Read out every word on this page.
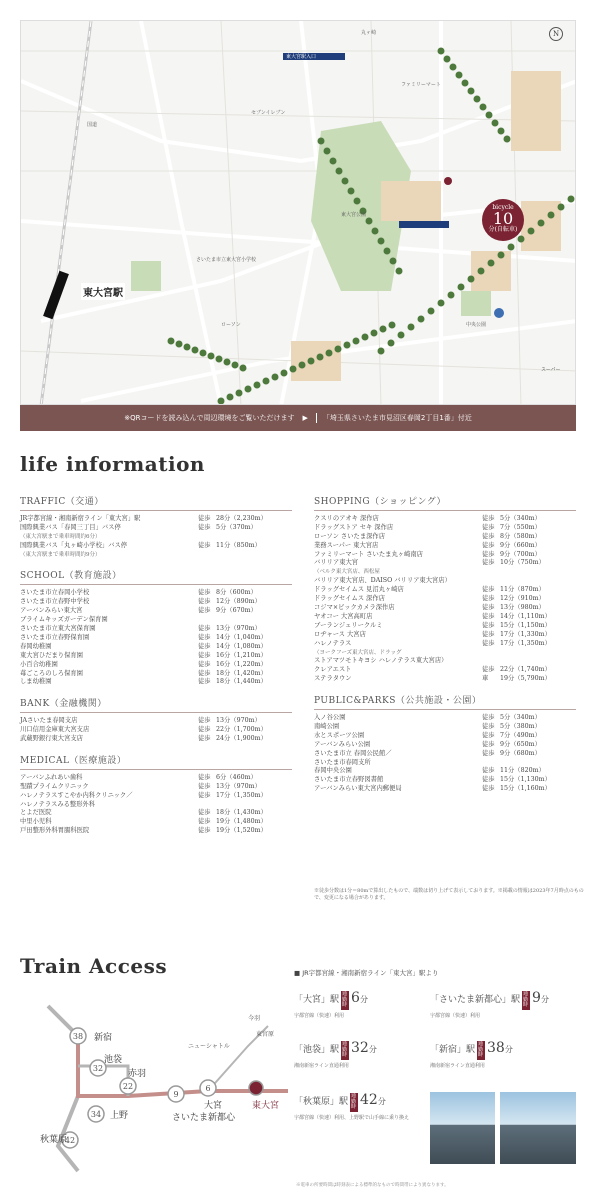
セブンイレブン
ファミリーマート
東大宮公園
中央公園
さいたま市立東大宮小学校
東大宮駅入口
丸ヶ崎
国道
ローソン
スーパー
東大宮駅
bicycle
10
分(自転車)
N
※QRコードを読み込んで周辺環境をご覧いただけます ▶	「埼玉県さいたま市見沼区春岡2丁目1番」付近
life information
TRAFFIC（交通）
JR宇都宮線・湘南新宿ライン「東大宮」駅	徒歩 28分（2,230m）
国際興業バス「春岡三丁目」バス停	徒歩 5分（370m）
（東大宮駅まで乗車時間約6分）
国際興業バス「丸ヶ崎小学校」バス停	徒歩 11分（850m）
（東大宮駅まで乗車時間約9分）
SCHOOL（教育施設）
さいたま市立春岡小学校	徒歩 8分（600m）
さいたま市立春野中学校	徒歩 12分（890m）
アーバンみらい東大宮	徒歩 9分（670m）
ブライムキッズガーデン保育園
さいたま市立東大宮保育園	徒歩 13分（970m）
さいたま市立春野保育園	徒歩 14分（1,040m）
春岡幼稚園	徒歩 14分（1,080m）
東大宮ひだまり保育園	徒歩 16分（1,210m）
小百合幼稚園	徒歩 16分（1,220m）
苺ごころのしろ保育園	徒歩 18分（1,420m）
しま幼稚園	徒歩 18分（1,440m）
BANK（金融機関）
JAさいたま春岡支店	徒歩 13分（970m）
川口信用金庫東大宮支店	徒歩 22分（1,700m）
武蔵野銀行東大宮支店	徒歩 24分（1,900m）
MEDICAL（医療施設）
アーバンふれあい歯科	徒歩 6分（460m）
聖蹟プライムクリニック	徒歩 13分（970m）
ハレノテラスすこやか内科クリニック／	徒歩 17分（1,350m）
ハレノテラスみる整形外科
とよだ医院	徒歩 18分（1,430m）
中里小児科	徒歩 19分（1,480m）
戸田整形外科胃腸科医院	徒歩 19分（1,520m）
SHOPPING（ショッピング）
クスリのアオキ 深作店	徒歩 5分（340m）
ドラッグストア セキ 深作店	徒歩 7分（550m）
ローソン さいたま深作店	徒歩 8分（580m）
業務スーパー 東大宮店	徒歩 9分（660m）
ファミリーマート さいたま丸ヶ崎南店	徒歩 9分（700m）
バリリア東大宮	徒歩 10分（750m）
（ベルク東大宮店、西松屋
バリリア東大宮店、DAISO バリリア東大宮店）
ドラッグセイムス 見沼丸ヶ崎店	徒歩 11分（870m）
ドラッグセイムス 深作店	徒歩 12分（910m）
コジマ×ビックカメラ深作店	徒歩 13分（980m）
ヤオコー 大宮高町店	徒歩 14分（1,110m）
ブーランジェリークルミ	徒歩 15分（1,150m）
ロヂャース 大宮店	徒歩 17分（1,330m）
ハレノテラス	徒歩 17分（1,350m）
（ヨークフーズ東大宮店、ドラッグ
ストアマツモトキヨシ ハレノテラス東大宮店）
クレアエスト	徒歩 22分（1,740m）
ステラタウン	車	19分（5,790m）
PUBLIC&PARKS（公共施設・公園）
入ノ谷公園	徒歩 5分（340m）
南崎公園	徒歩 5分（380m）
水とスポーツ公園	徒歩 7分（490m）
アーバンみらい公園	徒歩 9分（650m）
さいたま市立 春岡公民館／	徒歩 9分（680m）
さいたま市春岡支所
春岡中央公園	徒歩 11分（820m）
さいたま市立春野図書館	徒歩 15分（1,130m）
アーバンみらい東大宮内郵便局	徒歩 15分（1,160m）
※徒歩分数は1分＝80mで算出したもので、端数は切り上げて表示しております。※掲載の情報は2023年7月時点のもので、変更になる場合があります。
Train Access
38 新宿
32
池袋
22
赤羽
34 上野
42
秋葉原
9
さいたま新都心
6
大宮	東大宮
今羽
東宮原
ニューシャトル
■ JR宇都宮線・湘南新宿ライン「東大宮」駅より
「大宮」駅通勤時 6分
宇都宮線（快速）利用
「さいたま新都心」駅通勤時 9分
宇都宮線（快速）利用
「池袋」駅通勤時 32分
湘南新宿ライン直通利用
「新宿」駅通勤時 38分
湘南新宿ライン直通利用
「秋葉原」駅通勤時 42分
宇都宮線（快速）利用、上野駅で山手線に乗り換え
※電車の所要時間は時刻表による標準的なもので時間帯により異なります。
